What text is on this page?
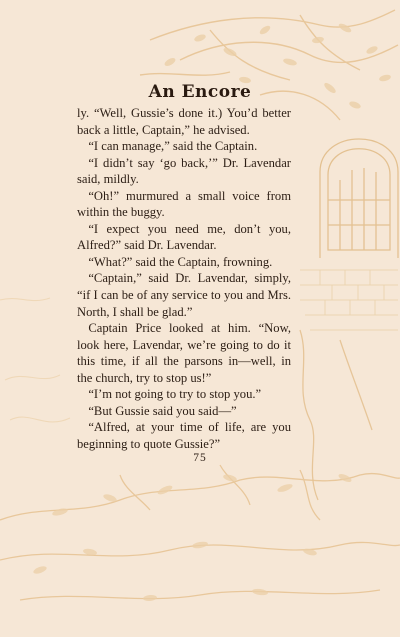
An Encore

ly. “Well, Gussie’s done it.) You’d better back a little, Captain,” he advised.

“I can manage,” said the Captain.

“I didn’t say ‘go back,’” Dr. Lavendar said, mildly.

“Oh!” murmured a small voice from within the buggy.

“I expect you need me, don’t you, Alfred?” said Dr. Lavendar.

“What?” said the Captain, frowning.

“Captain,” said Dr. Lavendar, simply, “if I can be of any service to you and Mrs. North, I shall be glad.”

Captain Price looked at him. “Now, look here, Lavendar, we’re going to do it this time, if all the parsons in—well, in the church, try to stop us!”

“I’m not going to try to stop you.”

“But Gussie said you said—”

“Alfred, at your time of life, are you beginning to quote Gussie?”

75
